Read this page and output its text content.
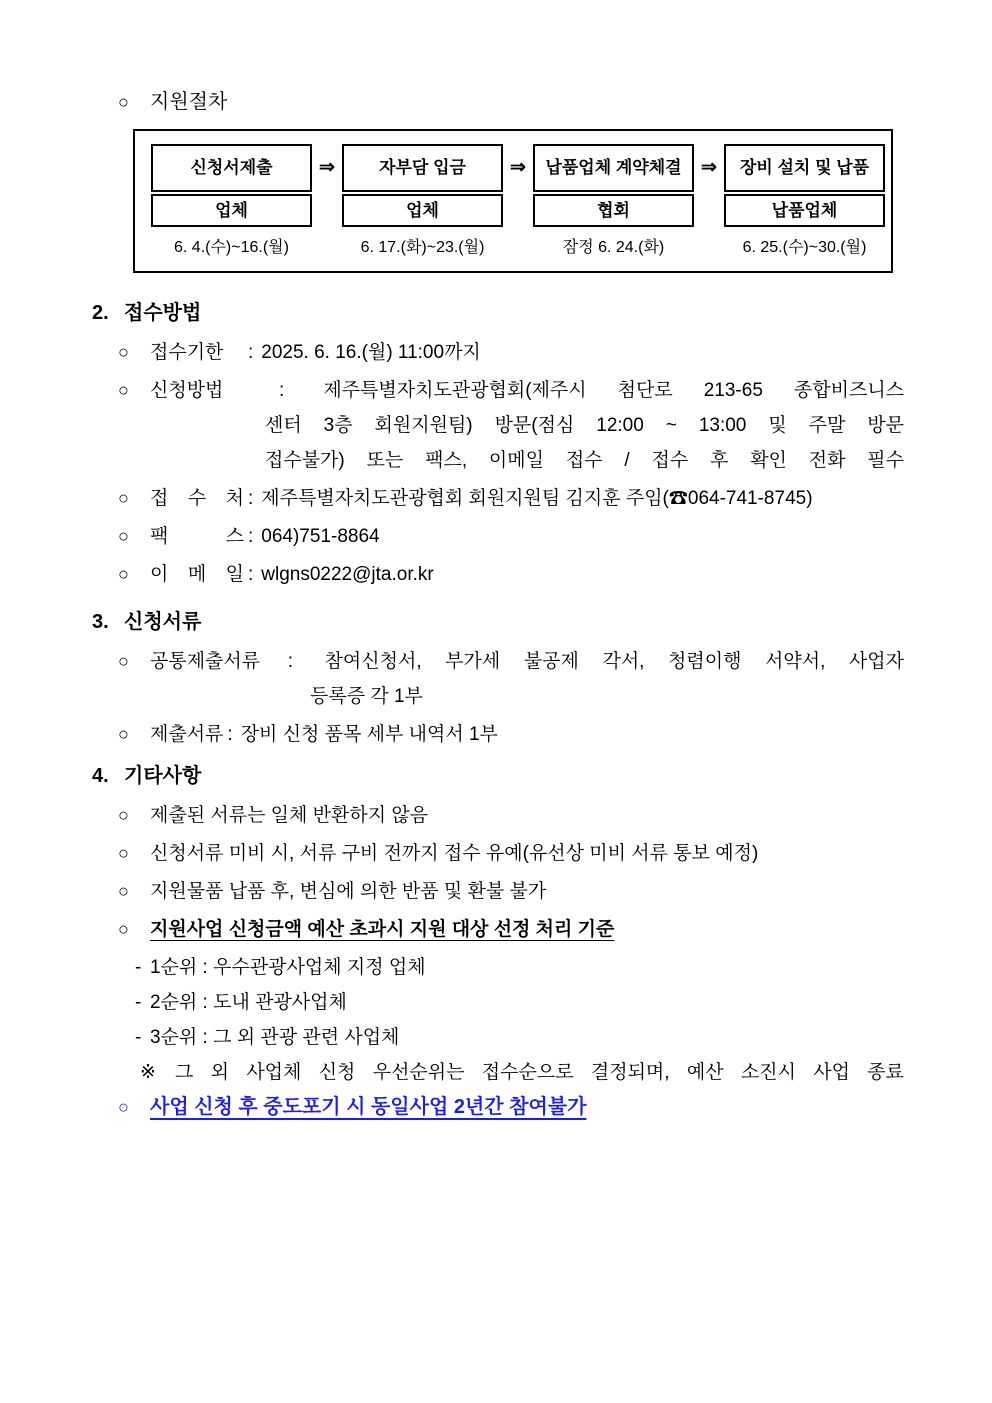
○	지원절차
신청서제출
업체
6. 4.(수)~16.(월)
⇒	자부담 입금
업체
6. 17.(화)~23.(월)
⇒	납품업체 계약체결
협회
잠정 6. 24.(화)
⇒	장비 설치 및 납품
납품업체
6. 25.(수)~30.(월)
2. 접수방법
○	접수기한 : 2025. 6. 16.(월) 11:00까지
○	신청방법	: 제주특별자치도관광협회(제주시 첨단로 213-65 종합비즈니스
센터 3층 회원지원팀) 방문(점심 12:00 ~ 13:00 및 주말 방문
접수불가) 또는 팩스, 이메일 접수 / 접수 후 확인 전화 필수
○	접 수 처 : 제주특별자치도관광협회 회원지원팀 김지훈 주임(☎064-741-8745)
○	팩 스 : 064)751-8864
○	이 메 일 : wlgns0222@jta.or.kr
3. 신청서류
○	공통제출서류 : 참여신청서, 부가세 불공제 각서, 청렴이행 서약서, 사업자
등록증 각 1부
○	제출서류 : 장비 신청 품목 세부 내역서 1부
4. 기타사항
○	제출된 서류는 일체 반환하지 않음
○	신청서류 미비 시, 서류 구비 전까지 접수 유예(유선상 미비 서류 통보 예정)
○	지원물품 납품 후, 변심에 의한 반품 및 환불 불가
○	지원사업 신청금액 예산 초과시 지원 대상 선정 처리 기준
- 1순위 : 우수관광사업체 지정 업체
- 2순위 : 도내 관광사업체
- 3순위 : 그 외 관광 관련 사업체
※	그 외 사업체 신청 우선순위는 접수순으로 결정되며, 예산 소진시 사업 종료
○	사업 신청 후 중도포기 시 동일사업 2년간 참여불가
